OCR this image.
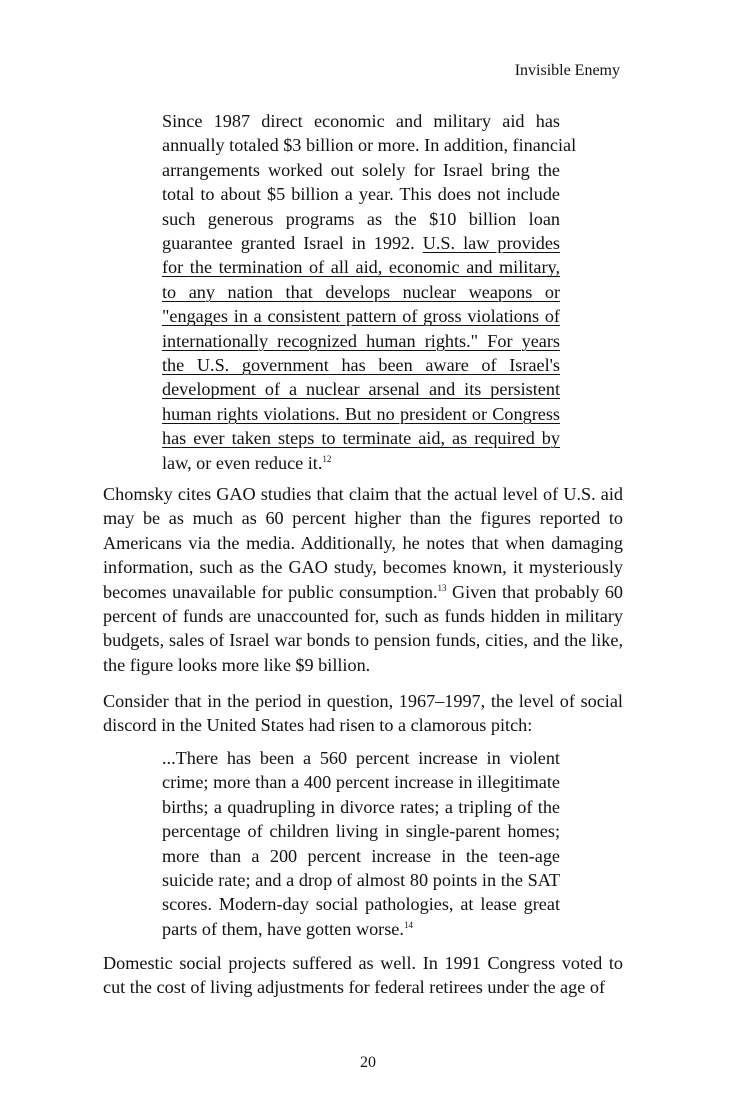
Invisible Enemy
Since 1987 direct economic and military aid has
annually totaled $3 billion or more. In addition, financial
arrangements worked out solely for Israel bring the
total to about $5 billion a year. This does not include
such generous programs as the $10 billion loan
guarantee granted Israel in 1992. U.S. law provides
for the termination of all aid, economic and military,
to any nation that develops nuclear weapons or
"engages in a consistent pattern of gross violations of
internationally recognized human rights." For years
the U.S. government has been aware of Israel's
development of a nuclear arsenal and its persistent
human rights violations. But no president or Congress
has ever taken steps to terminate aid, as required by
law, or even reduce it.$^{12}$

Chomsky cites GAO studies that claim that the actual level of U.S. aid may be as much as 60 percent higher than the figures reported to Americans via the media. Additionally, he notes that when damaging information, such as the GAO study, becomes known, it mysteriously becomes unavailable for public consumption.$^{13}$ Given that probably 60 percent of funds are unaccounted for, such as funds hidden in military budgets, sales of Israel war bonds to pension funds, cities, and the like, the figure looks more like $9 billion.

Consider that in the period in question, 1967–1997, the level of social discord in the United States had risen to a clamorous pitch:

...There has been a 560 percent increase in violent crime; more than a 400 percent increase in illegitimate births; a quadrupling in divorce rates; a tripling of the percentage of children living in single-parent homes; more than a 200 percent increase in the teen-age suicide rate; and a drop of almost 80 points in the SAT scores. Modern-day social pathologies, at lease great parts of them, have gotten worse.$^{14}$

Domestic social projects suffered as well. In 1991 Congress voted to cut the cost of living adjustments for federal retirees under the age of

20
